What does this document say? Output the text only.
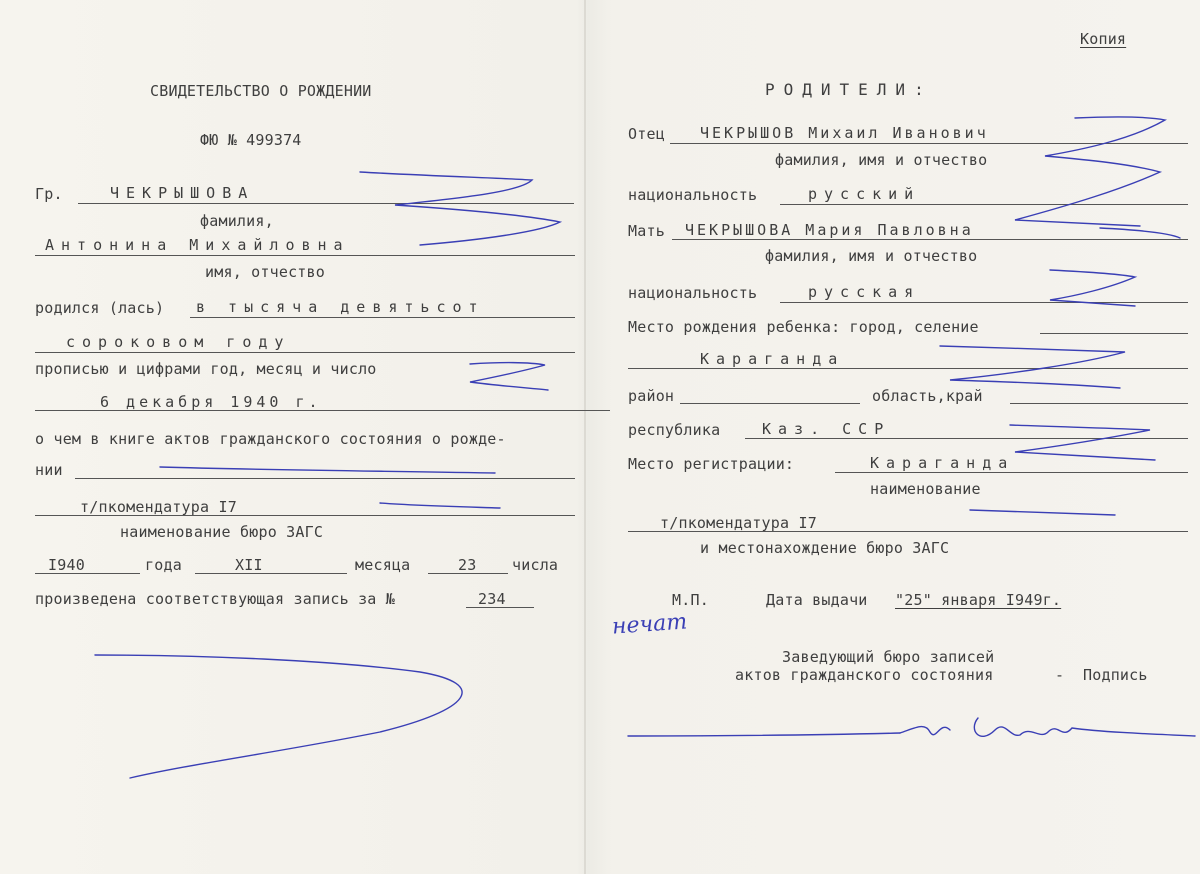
Копия
СВИДЕТЕЛЬСТВО О РОЖДЕНИИ
ФЮ № 499374
Гр.	ЧЕКРЫШОВА
фамилия,
Антонина Михайловна
имя, отчество
родился (лась) в тысяча девятьсот
сороковом году
прописью и цифрами год, месяц и число
6 декабря 1940 г.
о чем в книге актов гражданского состояния о рожде-
нии
т/пкомендатура I7
наименование бюро ЗАГС
I940	года	XII	месяца	23 числа
произведена соответствующая запись за №	234
РОДИТЕЛИ:
Отец ЧЕКРЫШОВ Михаил Иванович
фамилия, имя и отчество
национальность	русский
Мать ЧЕКРЫШОВА Мария Павловна
фамилия, имя и отчество
национальность	русская
Место рождения ребенка: город, селение
Караганда
район	область,край
республика	Каз. ССР
Место регистрации:	Караганда
наименование
т/пкомендатура I7
и местонахождение бюро ЗАГС
М.П.	Дата выдачи "25" января I949г.
Заведующий бюро записей
актов гражданского состояния	- Подпись
нечат
